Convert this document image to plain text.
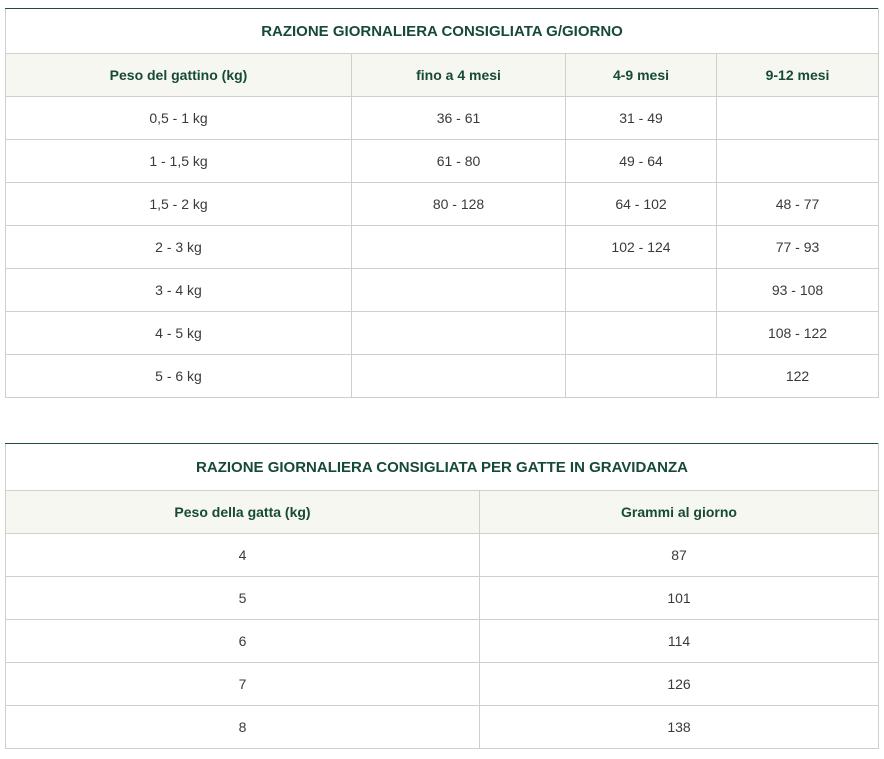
RAZIONE GIORNALIERA CONSIGLIATA G/GIORNO			
Peso del gattino (kg)	fino a 4 mesi	4-9 mesi	9-12 mesi
0,5 - 1 kg	36 - 61	31 - 49	
1 - 1,5 kg	61 - 80	49 - 64	
1,5 - 2 kg	80 - 128	64 - 102	48 - 77
2 - 3 kg		102 - 124	77 - 93
3 - 4 kg			93 - 108
4 - 5 kg			108 - 122
5 - 6 kg			122
RAZIONE GIORNALIERA CONSIGLIATA PER GATTE IN GRAVIDANZA	
Peso della gatta (kg)	Grammi al giorno
4	87
5	101
6	114
7	126
8	138
